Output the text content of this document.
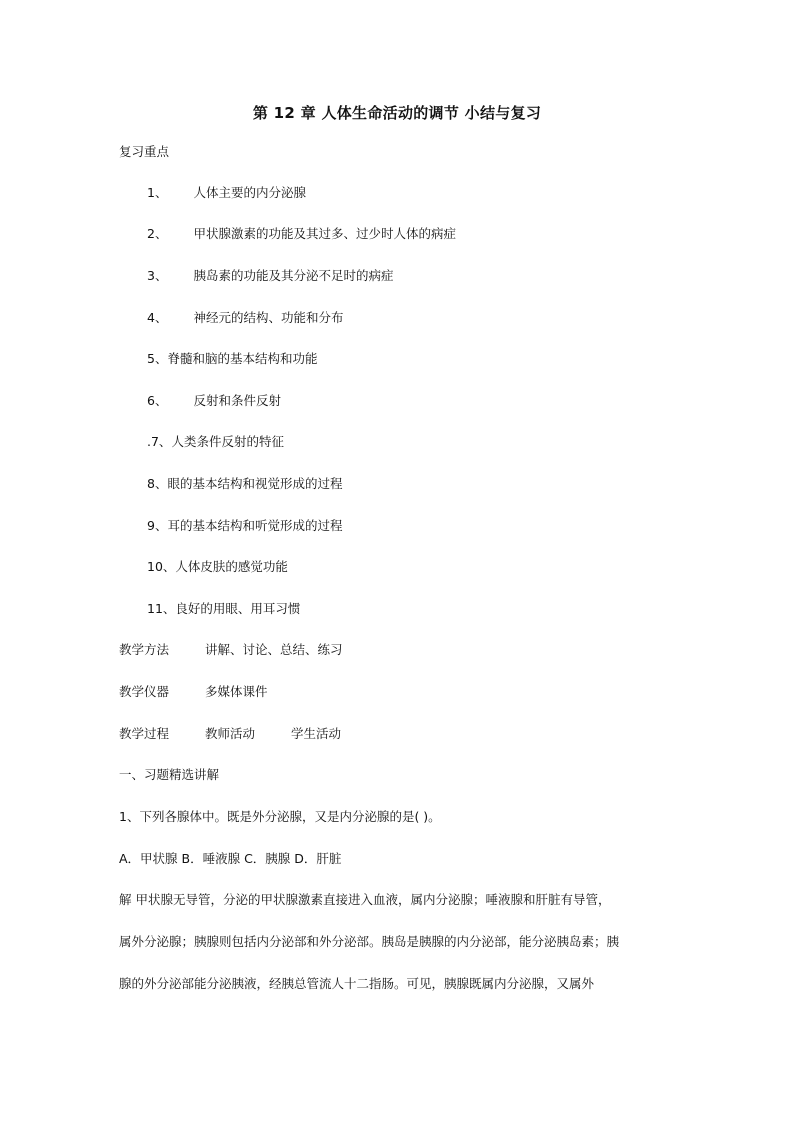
第 12 章 人体生命活动的调节 小结与复习
复习重点
1、 人体主要的内分泌腺
2、 甲状腺激素的功能及其过多、过少时人体的病症
3、 胰岛素的功能及其分泌不足时的病症
4、 神经元的结构、功能和分布
5、脊髓和脑的基本结构和功能
6、 反射和条件反射
.7、人类条件反射的特征
8、眼的基本结构和视觉形成的过程
9、耳的基本结构和听觉形成的过程
10、人体皮肤的感觉功能
11、良好的用眼、用耳习惯
教学方法	讲解、讨论、总结、练习
教学仪器	多媒体课件
教学过程	教师活动	学生活动
一、习题精选讲解
1、下列各腺体中。既是外分泌腺，又是内分泌腺的是( )。
A．甲状腺 B．唾液腺 C．胰腺 D．肝脏
解 甲状腺无导管，分泌的甲状腺激素直接进入血液，属内分泌腺；唾液腺和肝脏有导管，
属外分泌腺；胰腺则包括内分泌部和外分泌部。胰岛是胰腺的内分泌部，能分泌胰岛素；胰
腺的外分泌部能分泌胰液，经胰总管流人十二指肠。可见，胰腺既属内分泌腺，又属外
